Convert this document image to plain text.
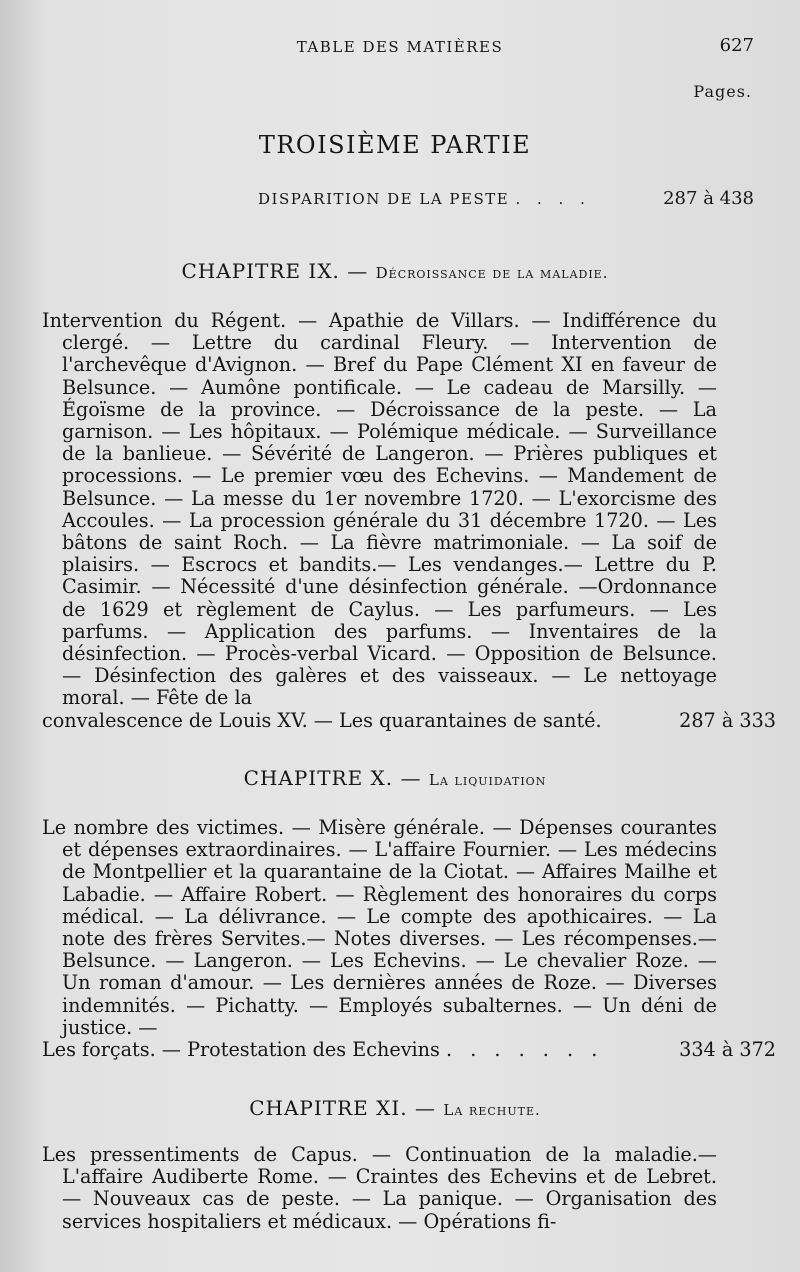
TABLE DES MATIÈRES	627
Pages.
TROISIÈME PARTIE
DISPARITION DE LA PESTE . . . .	287 à 438
CHAPITRE IX. — Décroissance de la maladie.
Intervention du Régent. — Apathie de Villars. — Indifférence du clergé. — Lettre du cardinal Fleury. — Intervention de l'archevêque d'Avignon. — Bref du Pape Clément XI en faveur de Belsunce. — Aumône pontificale. — Le cadeau de Marsilly. — Égoïsme de la province. — Décroissance de la peste. — La garnison. — Les hôpitaux. — Polémique médicale. — Surveillance de la banlieue. — Sévérité de Langeron. — Prières publiques et processions. — Le premier vœu des Echevins. — Mandement de Belsunce. — La messe du 1er novembre 1720. — L'exorcisme des Accoules. — La procession générale du 31 décembre 1720. — Les bâtons de saint Roch. — La fièvre matrimoniale. — La soif de plaisirs. — Escrocs et bandits.— Les vendanges.— Lettre du P. Casimir. — Nécessité d'une désinfection générale. —Ordonnance de 1629 et règlement de Caylus. — Les parfumeurs. — Les parfums. — Application des parfums. — Inventaires de la désinfection. — Procès-verbal Vicard. — Opposition de Belsunce. — Désinfection des galères et des vaisseaux. — Le nettoyage moral. — Fête de la
convalescence de Louis XV. — Les quarantaines de santé.	287 à 333
CHAPITRE X. — La liquidation
Le nombre des victimes. — Misère générale. — Dépenses courantes et dépenses extraordinaires. — L'affaire Fournier. — Les médecins de Montpellier et la quarantaine de la Ciotat. — Affaires Mailhe et Labadie. — Affaire Robert. — Règlement des honoraires du corps médical. — La délivrance. — Le compte des apothicaires. — La note des frères Servites.— Notes diverses. — Les récompenses.—Belsunce. — Langeron. — Les Echevins. — Le chevalier Roze. — Un roman d'amour. — Les dernières années de Roze. — Diverses indemnités. — Pichatty. — Employés subalternes. — Un déni de justice. —
Les forçats. — Protestation des Echevins . . . . . . .	334 à 372
CHAPITRE XI. — La rechute.
Les pressentiments de Capus. — Continuation de la maladie.— L'affaire Audiberte Rome. — Craintes des Echevins et de Lebret. — Nouveaux cas de peste. — La panique. — Organisation des services hospitaliers et médicaux. — Opérations fi-
